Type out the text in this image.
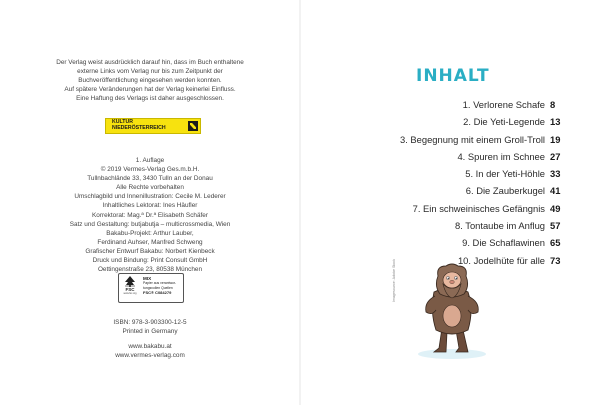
Der Verlag weist ausdrücklich darauf hin, dass im Buch enthaltene
externe Links vom Verlag nur bis zum Zeitpunkt der
Buchveröffentlichung eingesehen werden konnten.
Auf spätere Veränderungen hat der Verlag keinerlei Einfluss.
Eine Haftung des Verlags ist daher ausgeschlossen.
KULTUR
NIEDERÖSTERREICH
1. Auflage
© 2019 Vermes-Verlag Ges.m.b.H.
Tullnbachlände 33, 3430 Tulln an der Donau
Alle Rechte vorbehalten
Umschlagbild und Innenillustration: Cecile M. Lederer
Inhaltliches Lektorat: Ines Häufler
Korrektorat: Mag.ª Dr.ª Elisabeth Schäfer
Satz und Gestaltung: butjabutja – multicrossmedia, Wien
Bakabu-Projekt: Arthur Lauber,
Ferdinand Auhser, Manfred Schweng
Grafischer Entwurf Bakabu: Norbert Kienbeck
Druck und Bindung: Print Consult GmbH
Oettingenstraße 23, 80538 München
FSC
www.fsc.org
MIX
Papier aus verantwor-
tungsvollen Quellen
FSC® C084279
ISBN: 978-3-903300-12-5
Printed in Germany
www.bakabu.at
www.vermes-verlag.com
INHALT
1. Verlorene Schafe 8
2. Die Yeti-Legende 13
3. Begegnung mit einem Groll-Troll 19
4. Spuren im Schnee 27
5. In der Yeti-Höhle 33
6. Die Zauberkugel 41
7. Ein schweinisches Gefängnis 49
8. Tontaube im Anflug 57
9. Die Schaflawinen 65
10. Jodelhüte für alle 73
Imagesource: Adobe Stock
